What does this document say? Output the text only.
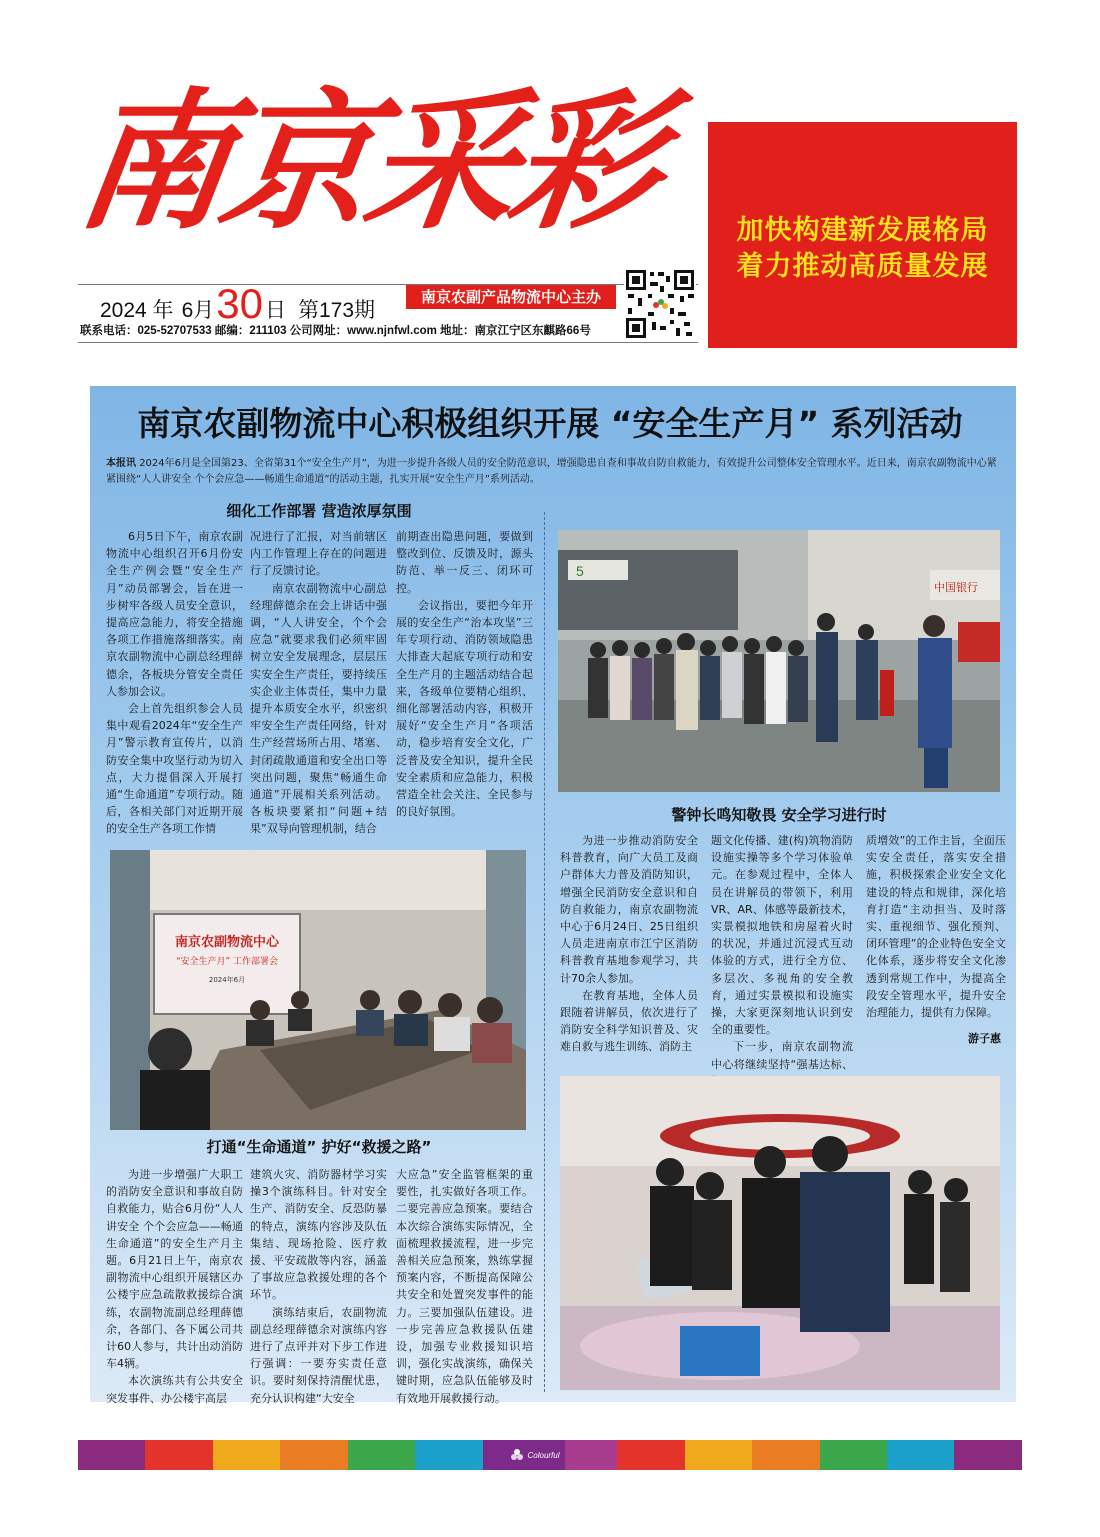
南京采彩	加快构建新发展格局
着力推动高质量发展
2024 年 6月 30 日 第173期
南京农副产品物流中心主办
联系电话：025-52707533 邮编：211103 公司网址：www.njnfwl.com 地址：南京江宁区东麒路66号
南京农副物流中心积极组织开展 “安全生产月” 系列活动
本报讯 2024年6月是全国第23、全省第31个“安全生产月”，为进一步提升各级人员的安全防范意识，增强隐患自查和事故自防自救能力，有效提升公司整体安全管理水平。近日来，南京农副物流中心紧紧围绕“人人讲安全 个个会应急——畅通生命通道”的活动主题，扎实开展“安全生产月”系列活动。
细化工作部署 营造浓厚氛围

6月5日下午，南京农副物流中心组织召开6月份安全生产例会暨“安全生产月”动员部署会，旨在进一步树牢各级人员安全意识，提高应急能力，将安全措施各项工作措施落细落实。南京农副物流中心副总经理薛德余，各板块分管安全责任人参加会议。

会上首先组织参会人员集中观看2024年“安全生产月”警示教育宣传片，以消防安全集中攻坚行动为切入点，大力提倡深入开展打通“生命通道”专项行动。随后，各相关部门对近期开展的安全生产各项工作情

况进行了汇报，对当前辖区内工作管理上存在的问题进行了反馈讨论。

南京农副物流中心副总经理薛德余在会上讲话中强调，“人人讲安全，个个会应急”就要求我们必须牢固树立安全发展理念，层层压实安全生产责任，要持续压实企业主体责任，集中力量提升本质安全水平，织密织牢安全生产责任网络，针对生产经营场所占用、堵塞、封闭疏散通道和安全出口等突出问题，聚焦“畅通生命通道”开展相关系列活动。各板块要紧扣“问题+结果”双导向管理机制，结合

前期查出隐患问题，要做到整改到位、反馈及时，源头防范、举一反三、闭环可控。

会议指出，要把今年开展的安全生产“治本攻坚”三年专项行动、消防领域隐患大排查大起底专项行动和安全生产月的主题活动结合起来，各级单位要精心组织、细化部署活动内容，积极开展好“安全生产月”各项活动，稳步培育安全文化，广泛普及安全知识，提升全民安全素质和应急能力，积极营造全社会关注、全民参与的良好氛围。

南京农副物流中心
“安全生产月” 工作部署会
2024年6月
打通“生命通道” 护好“救援之路”

为进一步增强广大职工的消防安全意识和事故自防自救能力，贴合6月份“人人讲安全 个个会应急——畅通生命通道”的安全生产月主题。6月21日上午，南京农副物流中心组织开展辖区办公楼宇应急疏散救援综合演练，农副物流副总经理薛德余，各部门、各下属公司共计60人参与，共计出动消防车4辆。

本次演练共有公共安全突发事件、办公楼宇高层

建筑火灾、消防器材学习实操3个演练科目。针对安全生产、消防安全、反恐防暴的特点，演练内容涉及队伍集结、现场抢险、医疗救援、平安疏散等内容，涵盖了事故应急救援处理的各个环节。

演练结束后，农副物流副总经理薛德余对演练内容进行了点评并对下步工作进行强调：一要夯实责任意识。要时刻保持清醒忧患，充分认识构建“大安全

大应急”安全监管框架的重要性，扎实做好各项工作。二要完善应急预案。要结合本次综合演练实际情况，全面梳理救援流程，进一步完善相关应急预案，熟练掌握预案内容，不断提高保障公共安全和处置突发事件的能力。三要加强队伍建设。进一步完善应急救援队伍建设，加强专业救援知识培训，强化实战演练，确保关键时期，应急队伍能够及时有效地开展救援行动。

5
中国银行
警钟长鸣知敬畏 安全学习进行时

为进一步推动消防安全科普教育，向广大员工及商户群体大力普及消防知识，增强全民消防安全意识和自防自救能力，南京农副物流中心于6月24日、25日组织人员走进南京市江宁区消防科普教育基地参观学习，共计70余人参加。

在教育基地，全体人员跟随着讲解员，依次进行了消防安全科学知识普及、灾难自救与逃生训练、消防主

题文化传播、建(构)筑物消防设施实操等多个学习体验单元。在参观过程中，全体人员在讲解员的带领下，利用VR、AR、体感等最新技术，实景模拟地铁和房屋着火时的状况，并通过沉浸式互动体验的方式，进行全方位、多层次、多视角的安全教育，通过实景模拟和设施实操，大家更深刻地认识到安全的重要性。

下一步，南京农副物流中心将继续坚持“强基达标、

质增效”的工作主旨，全面压实安全责任，落实安全措施，积极探索企业安全文化建设的特点和规律，深化培育打造“主动担当、及时落实、重视细节、强化预判、闭环管理”的企业特色安全文化体系，逐步将安全文化渗透到常规工作中，为提高全段安全管理水平，提升安全治理能力，提供有力保障。

游子惠
Colourful
